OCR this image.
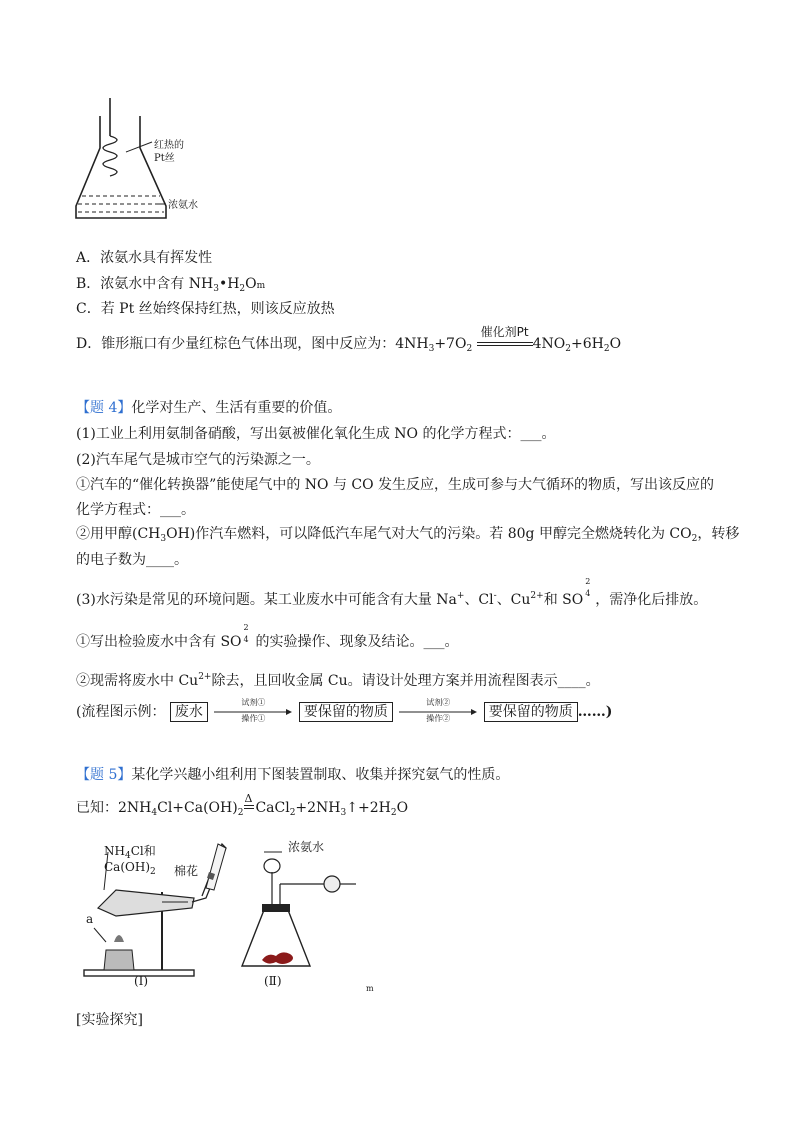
红热的
Pt丝
浓氨水
A．浓氨水具有挥发性
B．浓氨水中含有 $NH_3•H_2Om$
C．若 Pt 丝始终保持红热，则该反应放热
D．锥形瓶口有少量红棕色气体出现，图中反应为：$4NH_3+7O_2$
催化剂Pt
$4NO_2+6H_2O$
【题 4】化学对生产、生活有重要的价值。
(1)工业上利用氨制备硝酸，写出氨被催化氧化生成 NO 的化学方程式：___。
(2)汽车尾气是城市空气的污染源之一。
①汽车的“催化转换器”能使尾气中的 NO 与 CO 发生反应，生成可参与大气循环的物质，写出该反应的
化学方程式：___。
②用甲醇$(CH_3OH)$作汽车燃料，可以降低汽车尾气对大气的污染。若 80g 甲醇完全燃烧转化为 $CO_2$，转移
的电子数为____。
(3)水污染是常见的环境问题。某工业废水中可能含有大量 Na+、Cl-、$Cu^{2+}$和 SO
2
4 ，需净化后排放。
①写出检验废水中含有 SO
2
4 的实验操作、现象及结论。___。
②现需将废水中 $Cu^{2+}$除去，且回收金属 Cu。请设计处理方案并用流程图表示____。
(流程图示例： 废水
试剂①
操作①	要保留的物质
试剂②
操作②	要保留的物质 ……)
【题 5】某化学兴趣小组利用下图装置制取、收集并探究氨气的性质。
已知：$2NH_4Cl+Ca(OH)_2$
Δ
$CaCl_2+2NH_3↑+2H_2O$
$NH_4Cl$和
$Ca(OH)_2$ 棉花
a
浓氨水
(Ⅰ)	(Ⅱ)
m
[实验探究]
